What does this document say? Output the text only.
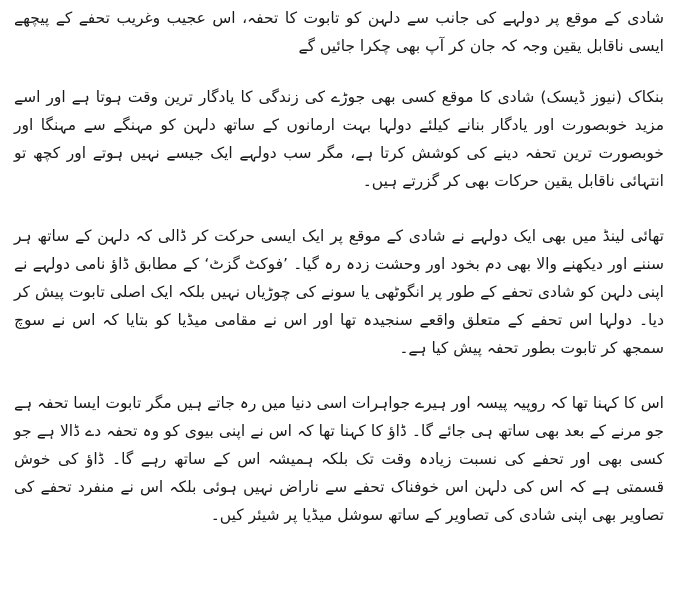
شادی کے موقع پر دولہے کی جانب سے دلہن کو تابوت کا تحفہ، اس عجیب وغریب تحفے کے پیچھے ایسی ناقابل یقین وجہ کہ جان کر آپ بھی چکرا جائیں گے

بنکاک (نیوز ڈیسک) شادی کا موقع کسی بھی جوڑے کی زندگی کا یادگار ترین وقت ہوتا ہے اور اسے مزید خوبصورت اور یادگار بنانے کیلئے دولہا بہت ارمانوں کے ساتھ دلہن کو مہنگے سے مہنگا اور خوبصورت ترین تحفہ دینے کی کوشش کرتا ہے، مگر سب دولہے ایک جیسے نہیں ہوتے اور کچھ تو انتہائی ناقابل یقین حرکات بھی کر گزرتے ہیں۔

تھائی لینڈ میں بھی ایک دولہے نے شادی کے موقع پر ایک ایسی حرکت کر ڈالی کہ دلہن کے ساتھ ہر سننے اور دیکھنے والا بھی دم بخود اور وحشت زدہ رہ گیا۔ ’فوکٹ گزٹ‘ کے مطابق ڈاؤ نامی دولہے نے اپنی دلہن کو شادی تحفے کے طور پر انگوٹھی یا سونے کی چوڑیاں نہیں بلکہ ایک اصلی تابوت پیش کر دیا۔ دولہا اس تحفے کے متعلق واقعے سنجیدہ تھا اور اس نے مقامی میڈیا کو بتایا کہ اس نے سوچ سمجھ کر تابوت بطور تحفہ پیش کیا ہے۔

اس کا کہنا تھا کہ روپیہ پیسہ اور ہیرے جواہرات اسی دنیا میں رہ جاتے ہیں مگر تابوت ایسا تحفہ ہے جو مرنے کے بعد بھی ساتھ ہی جائے گا۔ ڈاؤ کا کہنا تھا کہ اس نے اپنی بیوی کو وہ تحفہ دے ڈالا ہے جو کسی بھی اور تحفے کی نسبت زیادہ وقت تک بلکہ ہمیشہ اس کے ساتھ رہے گا۔ ڈاؤ کی خوش قسمتی ہے کہ اس کی دلہن اس خوفناک تحفے سے ناراض نہیں ہوئی بلکہ اس نے منفرد تحفے کی تصاویر بھی اپنی شادی کی تصاویر کے ساتھ سوشل میڈیا پر شیئر کیں۔
